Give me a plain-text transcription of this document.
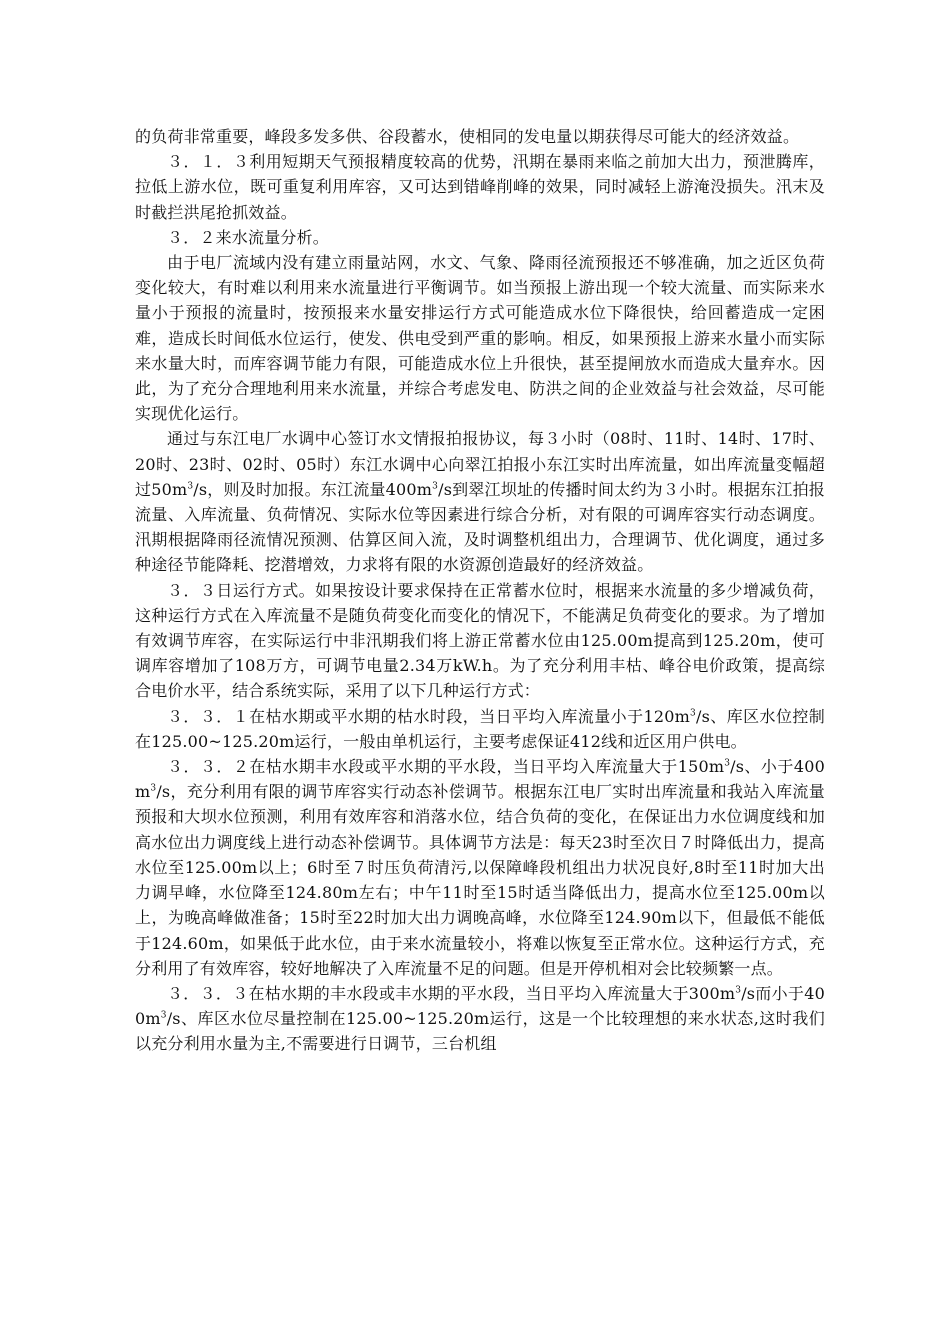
的负荷非常重要，峰段多发多供、谷段蓄水，使相同的发电量以期获得尽可能大的经济效益。

３．１．３利用短期天气预报精度较高的优势，汛期在暴雨来临之前加大出力，预泄腾库，拉低上游水位，既可重复利用库容，又可达到错峰削峰的效果，同时减轻上游淹没损失。汛末及时截拦洪尾抢抓效益。

３．２来水流量分析。

由于电厂流域内没有建立雨量站网，水文、气象、降雨径流预报还不够准确，加之近区负荷变化较大，有时难以利用来水流量进行平衡调节。如当预报上游出现一个较大流量、而实际来水量小于预报的流量时，按预报来水量安排运行方式可能造成水位下降很快，给回蓄造成一定困难，造成长时间低水位运行，使发、供电受到严重的影响。相反，如果预报上游来水量小而实际来水量大时，而库容调节能力有限，可能造成水位上升很快，甚至提闸放水而造成大量弃水。因此，为了充分合理地利用来水流量，并综合考虑发电、防洪之间的企业效益与社会效益，尽可能实现优化运行。

通过与东江电厂水调中心签订水文情报拍报协议，每３小时（08时、11时、14时、17时、20时、23时、02时、05时）东江水调中心向翠江拍报小东江实时出库流量，如出库流量变幅超过$50m^3/s$，则及时加报。东江流量$400m^3/s$到翠江坝址的传播时间太约为３小时。根据东江拍报流量、入库流量、负荷情况、实际水位等因素进行综合分析，对有限的可调库容实行动态调度。汛期根据降雨径流情况预测、估算区间入流，及时调整机组出力，合理调节、优化调度，通过多种途径节能降耗、挖潜增效，力求将有限的水资源创造最好的经济效益。

３．３日运行方式。如果按设计要求保持在正常蓄水位时，根据来水流量的多少增减负荷，这种运行方式在入库流量不是随负荷变化而变化的情况下，不能满足负荷变化的要求。为了增加有效调节库容，在实际运行中非汛期我们将上游正常蓄水位由125.00m提高到125.20m，使可调库容增加了108万方，可调节电量2.34万kW.h。为了充分利用丰枯、峰谷电价政策，提高综合电价水平，结合系统实际，采用了以下几种运行方式：

３．３．１在枯水期或平水期的枯水时段，当日平均入库流量小于$120m^3/s$、库区水位控制在125.00~125.20m运行，一般由单机运行，主要考虑保证412线和近区用户供电。

３．３．２在枯水期丰水段或平水期的平水段，当日平均入库流量大于$150m^3/s$、小于$400m^3/s$，充分利用有限的调节库容实行动态补偿调节。根据东江电厂实时出库流量和我站入库流量预报和大坝水位预测，利用有效库容和消落水位，结合负荷的变化，在保证出力水位调度线和加高水位出力调度线上进行动态补偿调节。具体调节方法是：每天23时至次日７时降低出力，提高水位至125.00m以上；6时至７时压负荷清污,以保障峰段机组出力状况良好,8时至11时加大出力调早峰，水位降至124.80m左右；中午11时至15时适当降低出力，提高水位至125.00m以上，为晚高峰做准备；15时至22时加大出力调晚高峰，水位降至124.90m以下，但最低不能低于124.60m，如果低于此水位，由于来水流量较小，将难以恢复至正常水位。这种运行方式，充分利用了有效库容，较好地解决了入库流量不足的问题。但是开停机相对会比较频繁一点。

３．３．３在枯水期的丰水段或丰水期的平水段，当日平均入库流量大于$300m^3/s$而小于$400m^3/s$、库区水位尽量控制在125.00~125.20m运行，这是一个比较理想的来水状态,这时我们以充分利用水量为主,不需要进行日调节，三台机组
